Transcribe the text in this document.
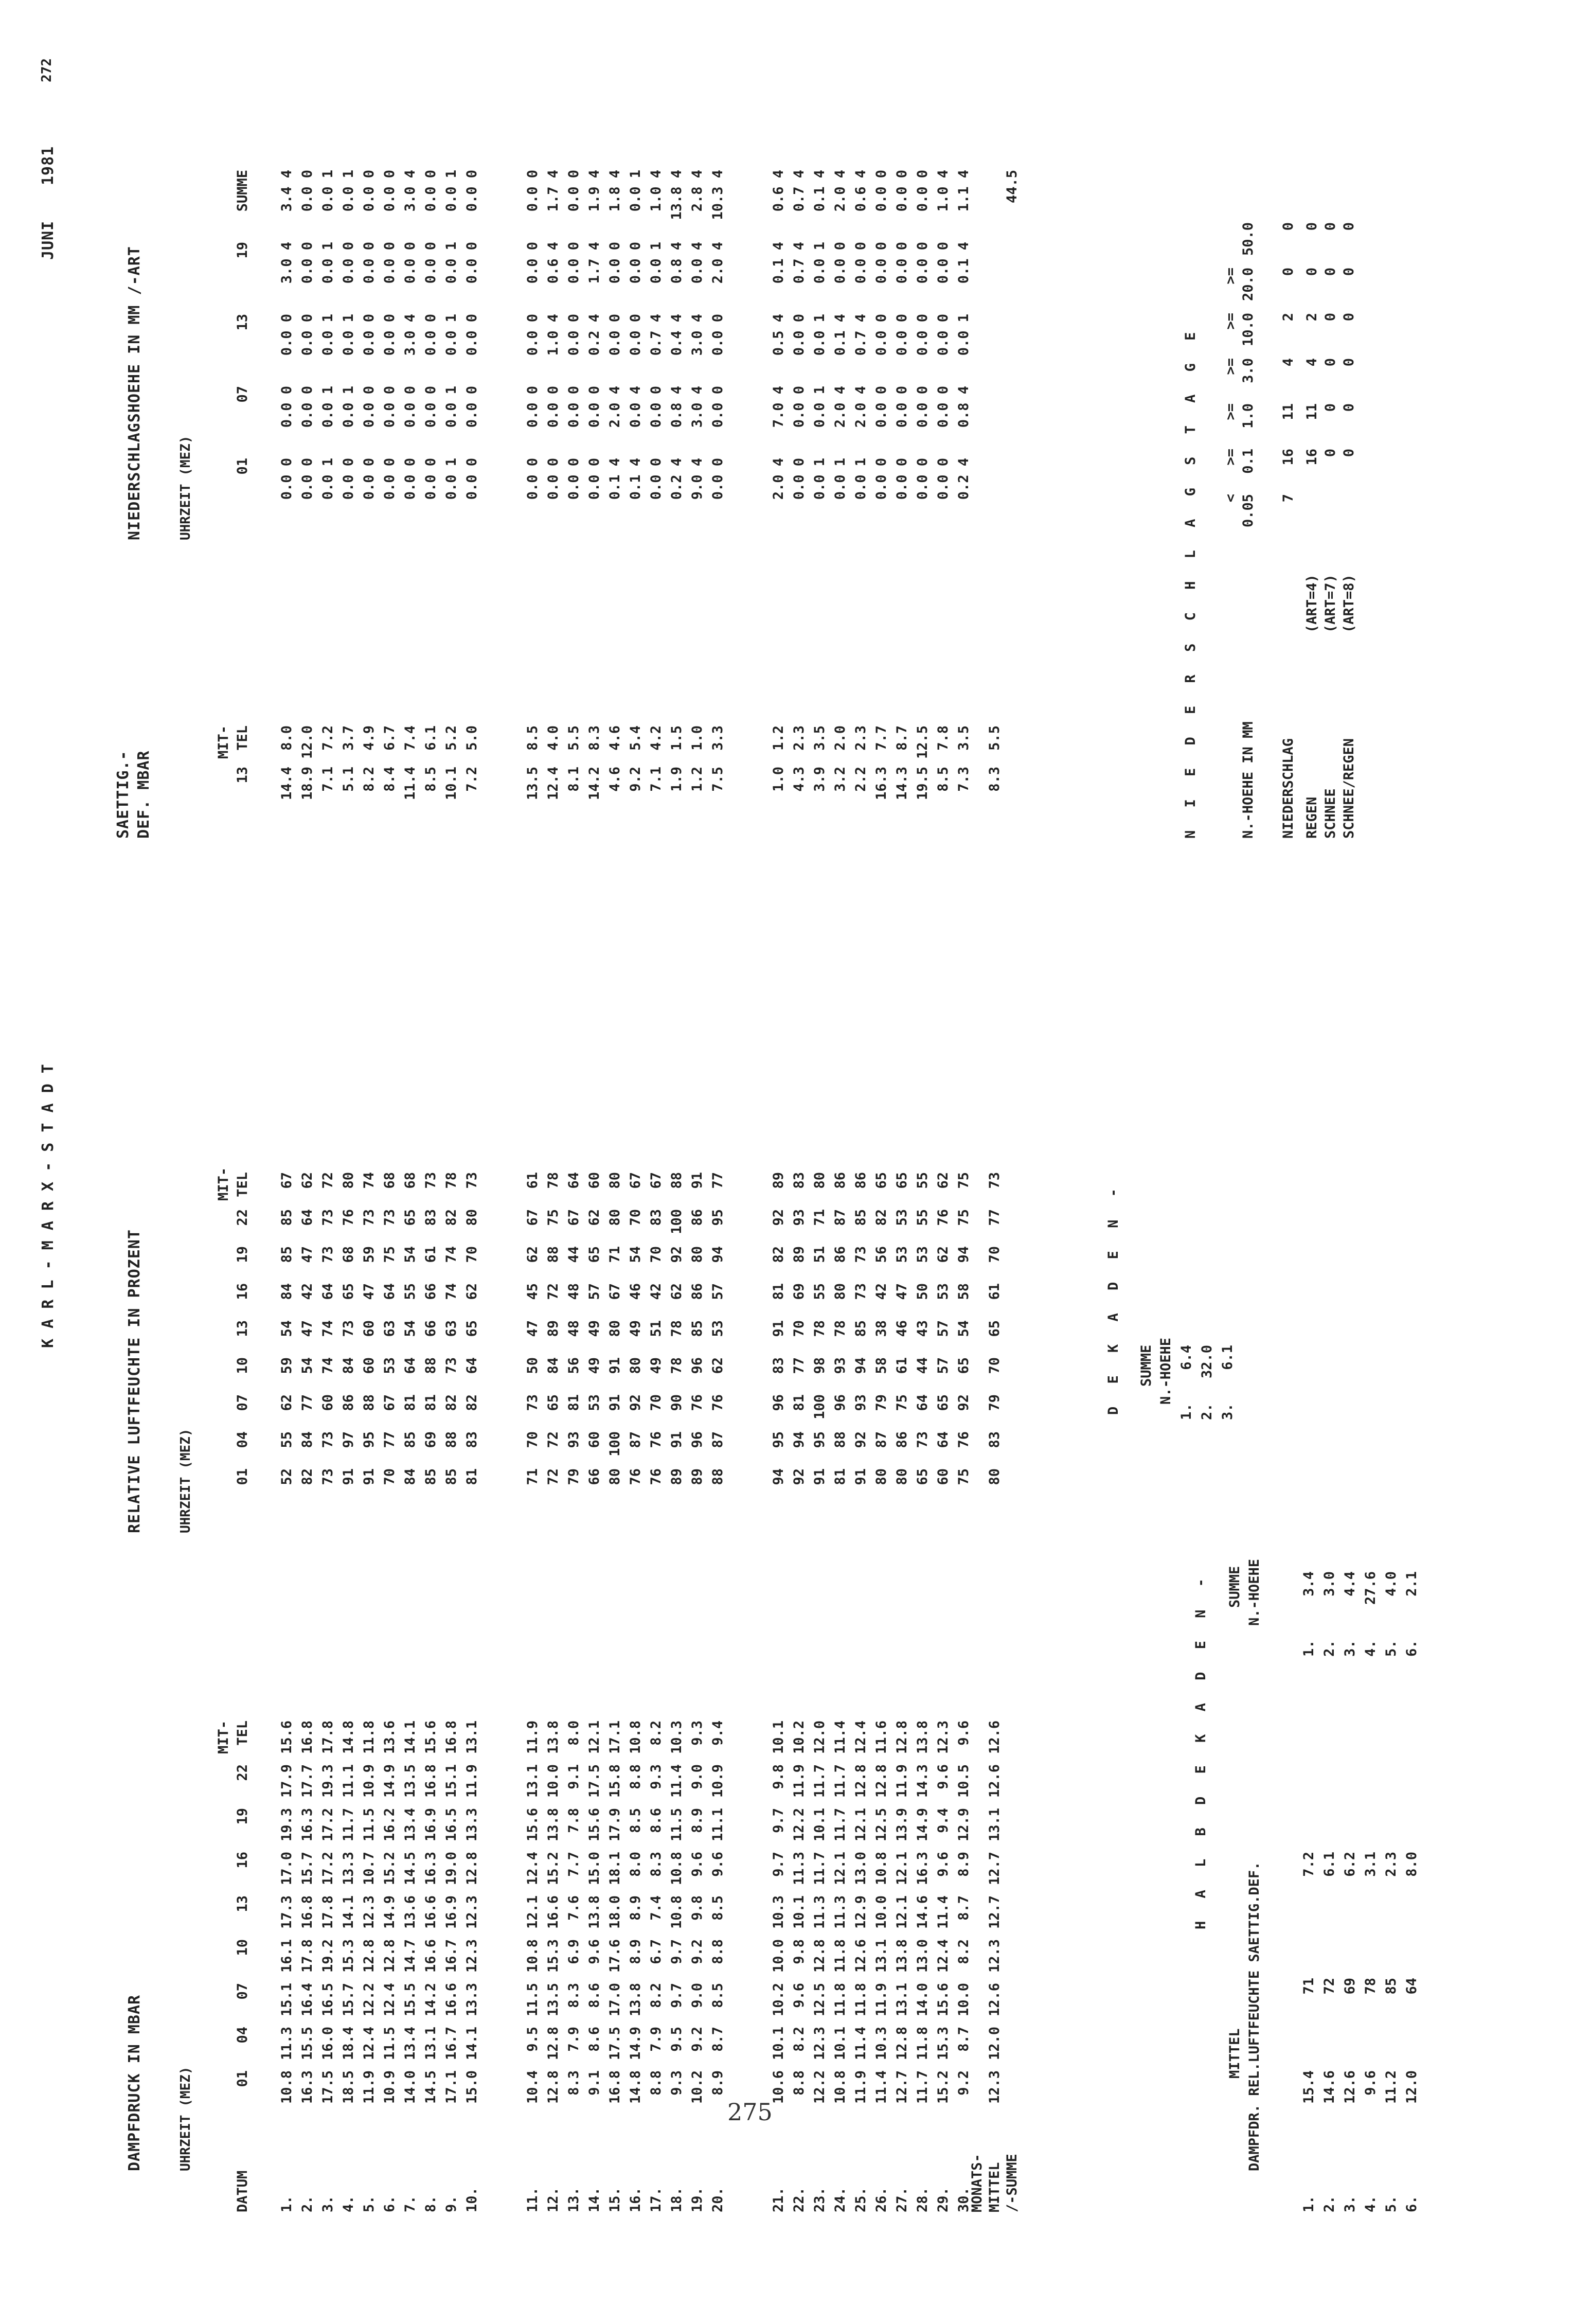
K A R L - M A R X - S T A D T
JUNI
1981
272
DAMPFDRUCK IN MBAR
RELATIVE LUFTFEUCHTE IN PROZENT
SAETTIG.- DEF. MBAR
NIEDERSCHLAGSHOEHE IN MM /-ART
UHRZEIT (MEZ)
UHRZEIT (MEZ)
UHRZEIT (MEZ)
DATUM
01
04
07
10
13
16
19
22
MIT- TEL
01
04
07
10
13
16
19
22
MIT- TEL
13
MIT- TEL
01
07
13
19
SUMME
1.
10.8
11.3
15.1
16.1
17.3
17.0
19.3
17.9
15.6
52
55
62
59
54
84
85
85
67
14.4
8.0
0.0 0
0.0 0
0.0 0
3.0 4
3.4 4
2.
16.3
15.5
16.4
17.8
16.8
15.7
16.3
17.7
16.8
82
84
77
54
47
42
47
64
62
18.9
12.0
0.0 0
0.0 0
0.0 0
0.0 0
0.0 0
3.
17.5
16.0
16.5
19.2
17.8
17.2
17.2
19.3
17.8
73
73
60
74
74
64
73
73
72
7.1
7.2
0.0 1
0.0 1
0.0 1
0.0 1
0.0 1
4.
18.5
18.4
15.7
15.3
14.1
13.3
11.7
11.1
14.8
91
97
86
84
73
65
68
76
80
5.1
3.7
0.0 0
0.0 1
0.0 1
0.0 0
0.0 1
5.
11.9
12.4
12.2
12.8
12.3
10.7
11.5
10.9
11.8
91
95
88
60
60
47
59
73
74
8.2
4.9
0.0 0
0.0 0
0.0 0
0.0 0
0.0 0
6.
10.9
11.5
12.4
12.8
14.9
15.2
16.2
14.9
13.6
70
77
67
53
63
64
75
73
68
8.4
6.7
0.0 0
0.0 0
0.0 0
0.0 0
0.0 0
7.
14.0
13.4
15.5
14.7
13.6
14.5
13.4
13.5
14.1
84
85
81
64
54
55
54
65
68
11.4
7.4
0.0 0
0.0 0
3.0 4
0.0 0
3.0 4
8.
14.5
13.1
14.2
16.6
16.6
16.3
16.9
16.8
15.6
85
69
81
88
66
66
61
83
73
8.5
6.1
0.0 0
0.0 0
0.0 0
0.0 0
0.0 0
9.
17.1
16.7
16.6
16.7
16.9
19.0
16.5
15.1
16.8
85
88
82
73
63
74
74
82
78
10.1
5.2
0.0 1
0.0 1
0.0 1
0.0 1
0.0 1
10.
15.0
14.1
13.3
12.3
12.3
12.8
13.3
11.9
13.1
81
83
82
64
65
62
70
80
73
7.2
5.0
0.0 0
0.0 0
0.0 0
0.0 0
0.0 0
11.
10.4
9.5
11.5
10.8
12.1
12.4
15.6
13.1
11.9
71
70
73
50
47
45
62
67
61
13.5
8.5
0.0 0
0.0 0
0.0 0
0.0 0
0.0 0
12.
12.8
12.8
13.5
15.3
16.6
15.2
13.8
10.0
13.8
72
72
65
84
89
72
88
75
78
12.4
4.0
0.0 0
0.0 0
1.0 4
0.6 4
1.7 4
13.
8.3
7.9
8.3
6.9
7.6
7.7
7.8
9.1
8.0
79
93
81
56
48
48
44
67
64
8.1
5.5
0.0 0
0.0 0
0.0 0
0.0 0
0.0 0
14.
9.1
8.6
8.6
9.6
13.8
15.0
15.6
17.5
12.1
66
60
53
49
49
57
65
62
60
14.2
8.3
0.0 0
0.0 0
0.2 4
1.7 4
1.9 4
15.
16.8
17.5
17.0
17.6
18.0
18.1
17.9
15.8
17.1
80
100
91
91
80
67
71
80
80
4.6
4.6
0.1 4
2.0 4
0.0 0
0.0 0
1.8 4
16.
14.8
14.9
13.8
8.9
8.9
8.0
8.5
8.8
10.8
76
87
92
80
49
46
54
70
67
9.2
5.4
0.1 4
0.0 4
0.0 0
0.0 0
0.0 1
17.
8.8
7.9
8.2
6.7
7.4
8.3
8.6
9.3
8.2
76
76
70
49
51
42
70
83
67
7.1
4.2
0.0 0
0.0 0
0.7 4
0.0 1
1.0 4
18.
9.3
9.5
9.7
9.7
10.8
10.8
11.5
11.4
10.3
89
91
90
78
78
62
92
100
88
1.9
1.5
0.2 4
0.8 4
0.4 4
0.8 4
13.8 4
19.
10.2
9.2
9.0
9.2
9.8
9.6
8.9
9.0
9.3
89
96
76
96
85
86
80
86
91
1.2
1.0
9.0 4
3.0 4
3.0 4
0.0 4
2.8 4
20.
8.9
8.7
8.5
8.8
8.5
9.6
11.1
10.9
9.4
88
87
76
62
53
57
94
95
77
7.5
3.3
0.0 0
0.0 0
0.0 0
2.0 4
10.3 4
21.
10.6
10.1
10.2
10.0
10.3
9.7
9.7
9.8
10.1
94
95
96
83
91
81
82
92
89
1.0
1.2
2.0 4
7.0 4
0.5 4
0.1 4
0.6 4
22.
8.8
8.2
9.6
9.8
10.1
11.3
12.2
11.9
10.2
92
94
81
77
70
69
89
93
83
4.3
2.3
0.0 0
0.0 0
0.0 0
0.7 4
0.7 4
23.
12.2
12.3
12.5
12.8
11.3
11.7
10.1
11.7
12.0
91
95
100
98
78
55
51
71
80
3.9
3.5
0.0 1
0.0 1
0.0 1
0.0 1
0.1 4
24.
10.8
10.1
11.8
11.8
11.3
12.1
11.7
11.7
11.4
81
88
96
93
78
80
86
87
86
3.2
2.0
0.0 1
2.0 4
0.1 4
0.0 0
2.0 4
25.
11.9
11.4
11.8
12.6
12.9
13.0
12.1
12.8
12.4
91
92
93
94
85
73
73
85
86
2.2
2.3
0.0 1
2.0 4
0.7 4
0.0 0
0.6 4
26.
11.4
10.3
11.9
13.1
10.0
10.8
12.5
12.8
11.6
80
87
79
58
38
42
56
82
65
16.3
7.7
0.0 0
0.0 0
0.0 0
0.0 0
0.0 0
27.
12.7
12.8
13.1
13.8
12.1
12.1
13.9
11.9
12.8
80
86
75
61
46
47
53
53
65
14.3
8.7
0.0 0
0.0 0
0.0 0
0.0 0
0.0 0
28.
11.7
11.8
14.0
13.0
14.6
16.3
14.9
14.3
13.8
65
73
64
44
43
50
53
55
55
19.5
12.5
0.0 0
0.0 0
0.0 0
0.0 0
0.0 0
29.
15.2
15.3
15.6
12.4
11.4
9.6
9.4
9.6
12.3
60
64
65
57
57
53
62
76
62
8.5
7.8
0.0 0
0.0 0
0.0 0
0.0 0
1.0 4
30.
9.2
8.7
10.0
8.2
8.7
8.9
12.9
10.5
9.6
75
76
92
65
54
58
94
75
75
7.3
3.5
0.2 4
0.8 4
0.0 1
0.1 4
1.1 4
MONATS- MITTEL /-SUMME
12.3
12.0
12.6
12.3
12.7
12.7
13.1
12.6
12.6
80
83
79
70
65
61
70
77
73
8.3
5.5
44.5
H A L B D E K A D E N -
MITTEL DAMPFDR. REL.LUFTFEUCHTE SAETTIG.DEF.
SUMME N.-HOEHE
1.
15.4
71
7.2
1.
3.4
2.
14.6
72
6.1
2.
3.0
3.
12.6
69
6.2
3.
4.4
4.
9.6
78
3.1
4.
27.6
5.
11.2
85
2.3
5.
4.0
6.
12.0
64
8.0
6.
2.1
D E K A D E N - SUMME N.-HOEHE
1.
6.4
2.
32.0
3.
6.1
N I E D E R S C H L A G S T A G E <
>=
>=
>=
>=
>=
N.-HOEHE IN MM
0.05
0.1
1.0
3.0
10.0
20.0
50.0
NIEDERSCHLAG
7
16
11
4
2
0
0
REGEN
(ART=4)
16
11
4
2
0
0
SCHNEE
(ART=7)
0
0
0
0
0
0
SCHNEE/REGEN
(ART=8)
0
0
0
0
0
0
275
